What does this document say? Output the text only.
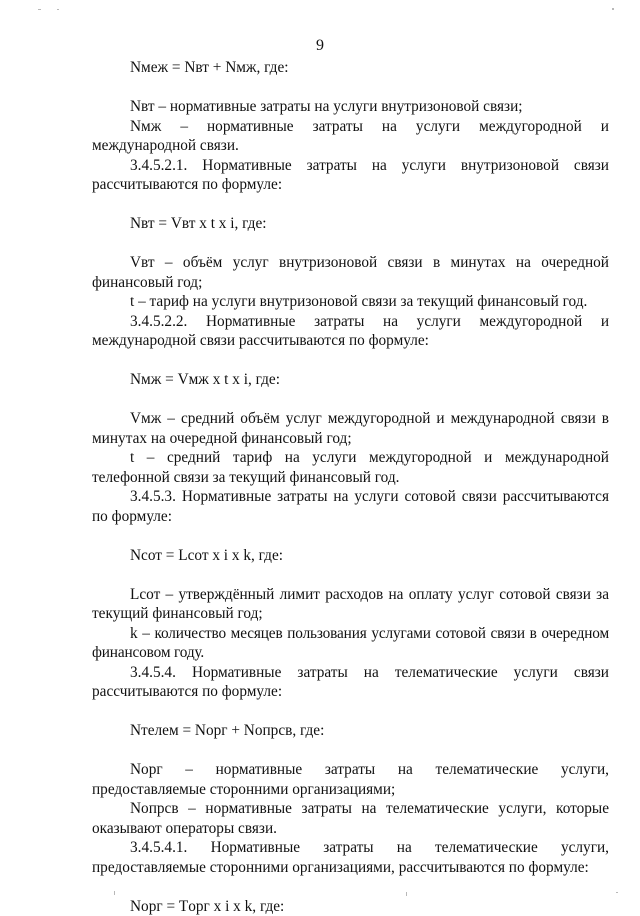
9
Nмеж = Nвт + Nмж, где:

Nвт – нормативные затраты на услуги внутризоновой связи;

Nмж – нормативные затраты на услуги междугородной и международной связи.

3.4.5.2.1. Нормативные затраты на услуги внутризоновой связи рассчитываются по формуле:

Nвт = Vвт x t x i, где:

Vвт – объём услуг внутризоновой связи в минутах на очередной финансовый год;

t – тариф на услуги внутризоновой связи за текущий финансовый год.

3.4.5.2.2. Нормативные затраты на услуги междугородной и международной связи рассчитываются по формуле:

Nмж = Vмж x t x i, где:

Vмж – средний объём услуг междугородной и международной связи в минутах на очередной финансовый год;

t – средний тариф на услуги междугородной и международной телефонной связи за текущий финансовый год.

3.4.5.3. Нормативные затраты на услуги сотовой связи рассчитываются по формуле:

Nсот = Lсот x i x k, где:

Lсот – утверждённый лимит расходов на оплату услуг сотовой связи за текущий финансовый год;

k – количество месяцев пользования услугами сотовой связи в очередном финансовом году.

3.4.5.4. Нормативные затраты на телематические услуги связи рассчитываются по формуле:

Nтелем = Nорг + Nопрсв, где:

Nорг – нормативные затраты на телематические услуги, предоставляемые сторонними организациями;

Nопрсв – нормативные затраты на телематические услуги, которые оказывают операторы связи.

3.4.5.4.1. Нормативные затраты на телематические услуги, предоставляемые сторонними организациями, рассчитываются по формуле:

Nорг = Tорг x i x k, где:
